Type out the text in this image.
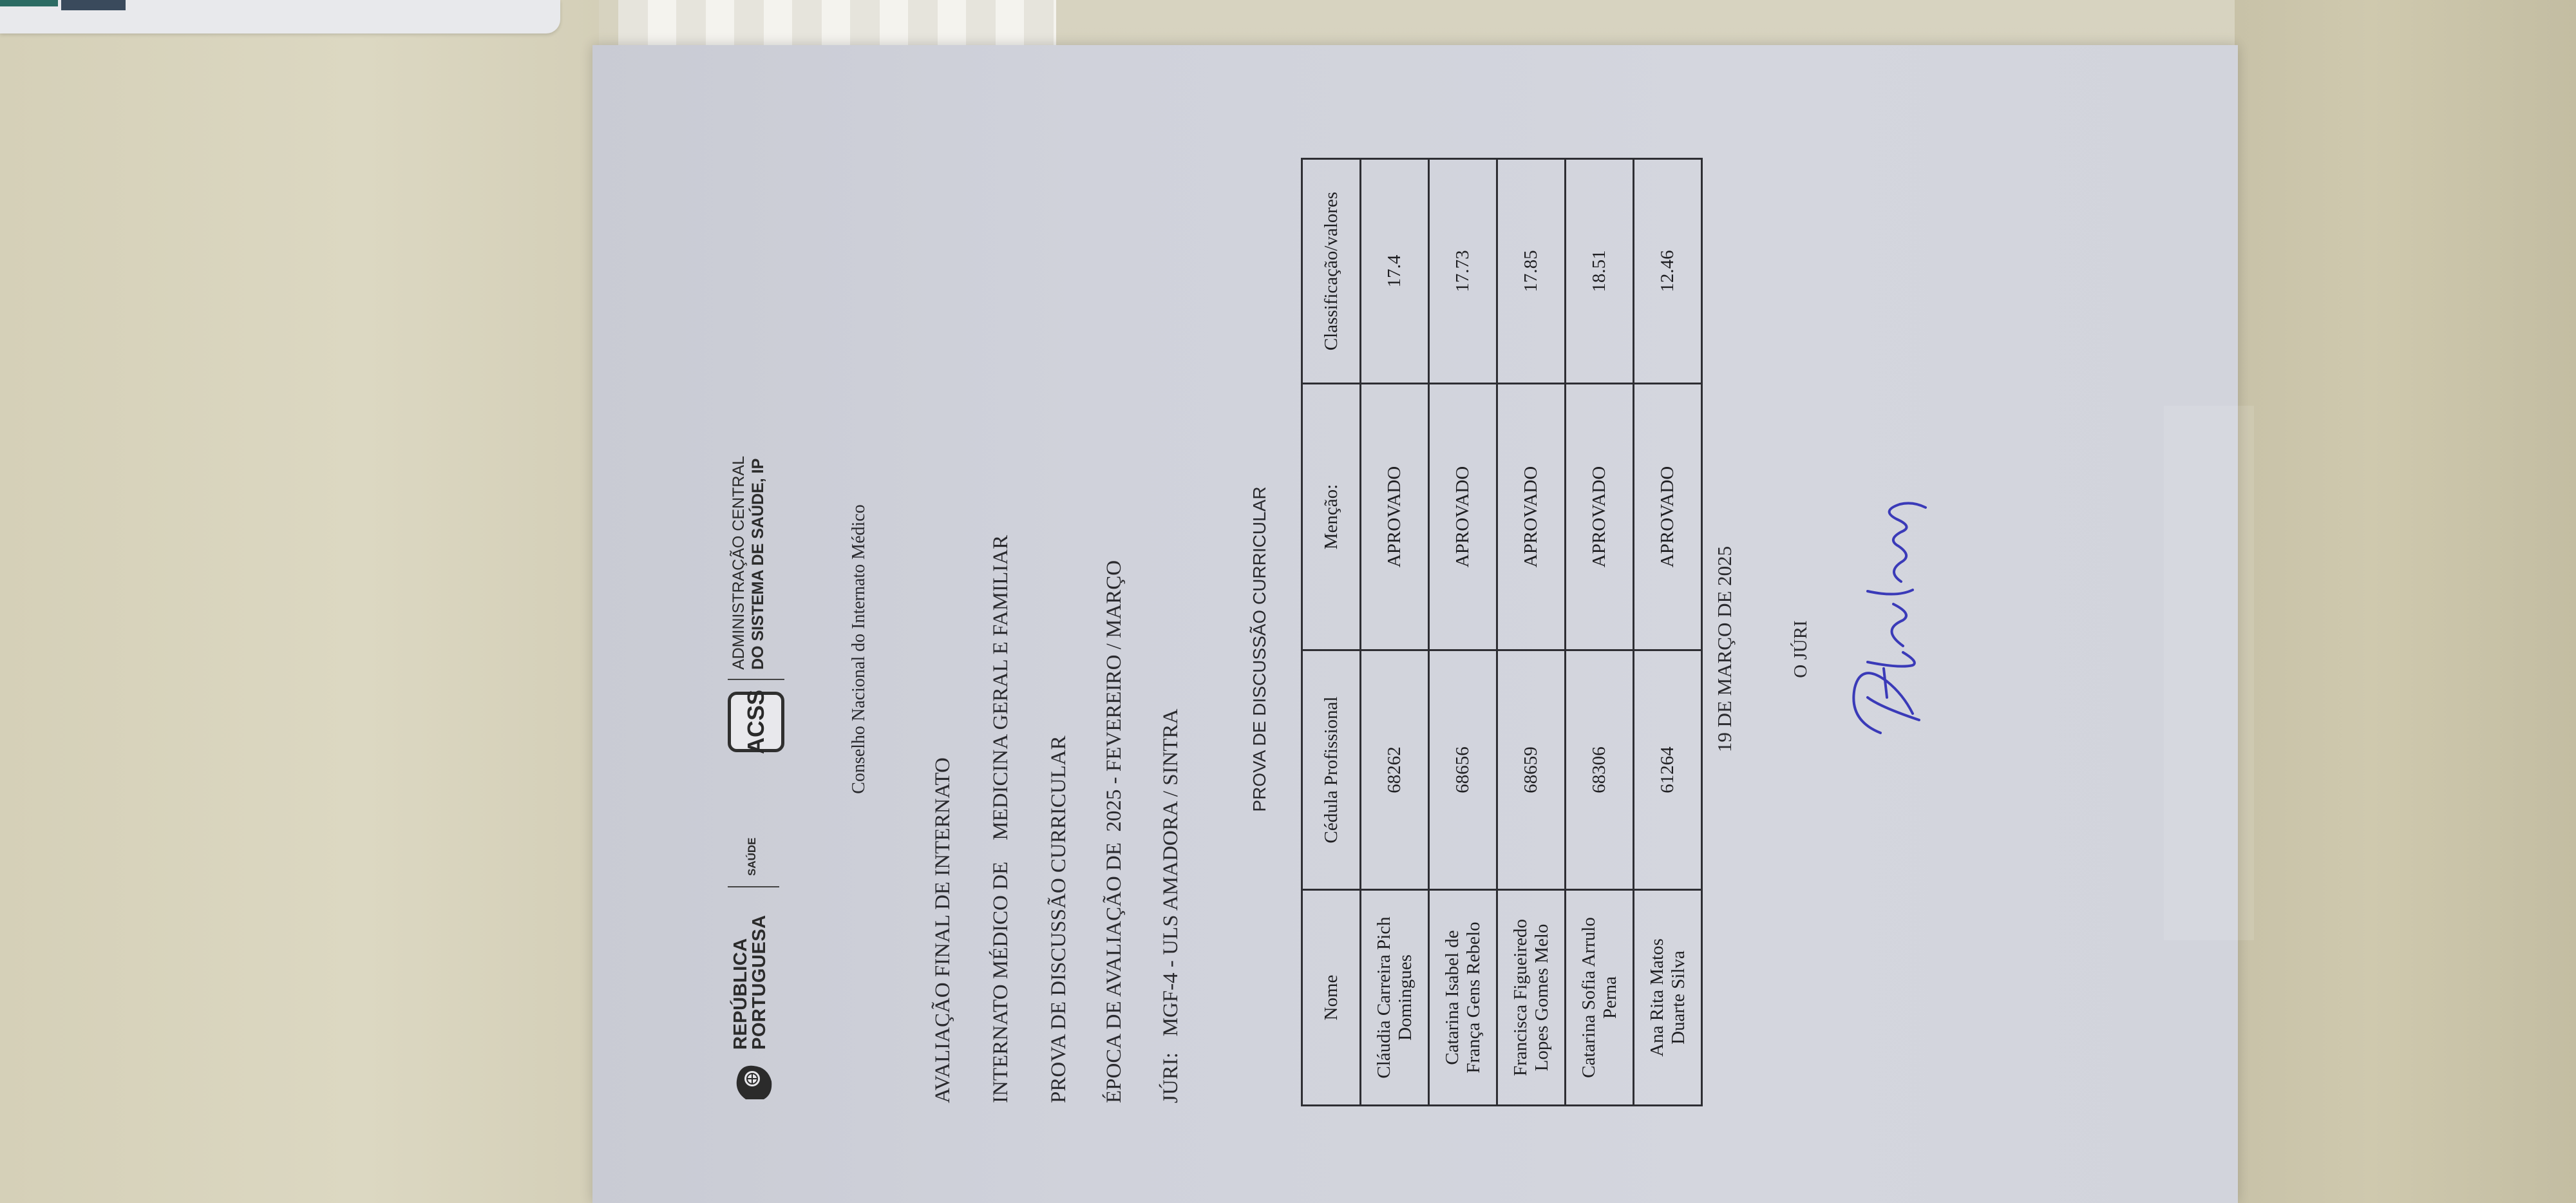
REPÚBLICA
PORTUGUESA
SAÚDE
ACSS
ADMINISTRAÇÃO CENTRAL DO SISTEMA DE SAÚDE, IP	Conselho Nacional do Internato Médico
AVALIAÇÃO FINAL DE INTERNATO INTERNATO MÉDICO DE    MEDICINA GERAL E FAMILIAR PROVA DE DISCUSSÃO CURRICULAR ÉPOCA DE AVALIAÇÃO DE  2025 - FEVEREIRO / MARÇO JÚRI:   MGF-4 - ULS AMADORA / SINTRA
PROVA DE DISCUSSÃO CURRICULAR
Nome	Cédula Profissional	Menção:	Classificação/valores

Cláudia Carreira Pich Domingues	68262	APROVADO	17.4

Catarina Isabel de França Gens Rebelo	68656	APROVADO	17.73

Francisca Figueiredo Lopes Gomes Melo	68659	APROVADO	17.85

Catarina Sofia Arrulo Perna	68306	APROVADO	18.51

Ana Rita Matos Duarte Silva	61264	APROVADO	12.46
19 DE MARÇO DE 2025	O JÚRI
